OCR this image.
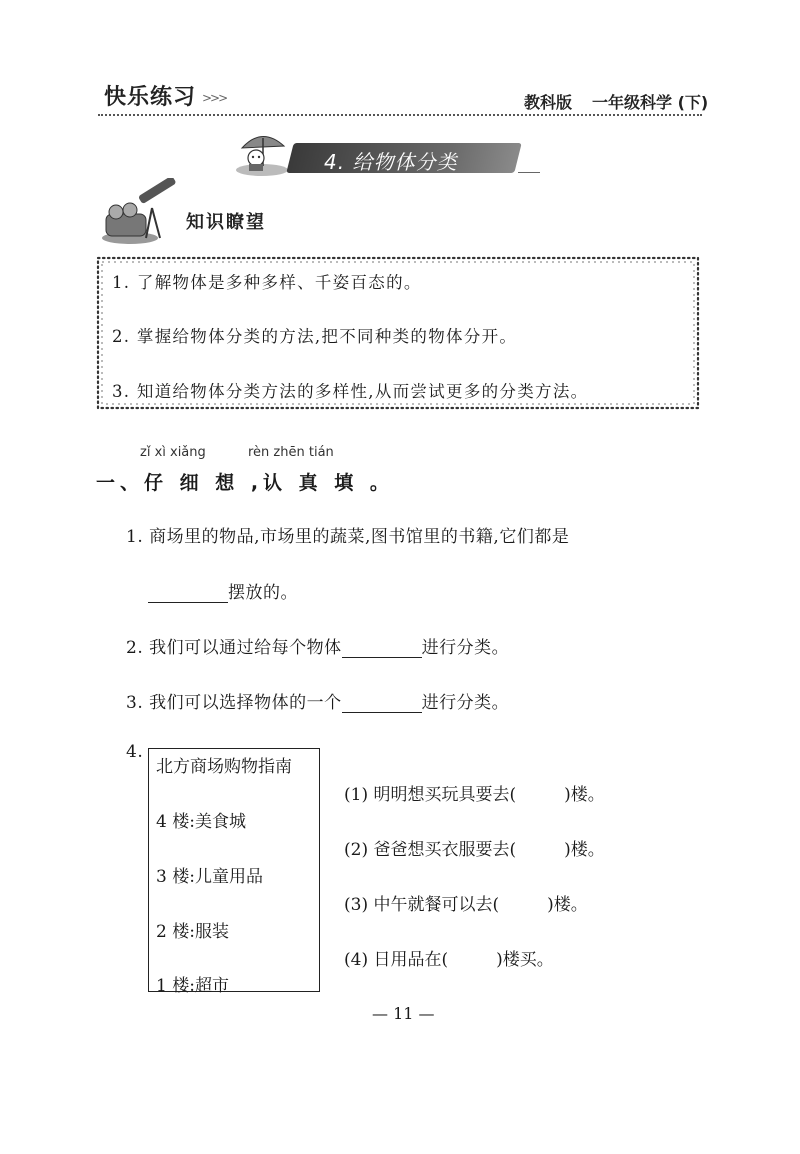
快乐练习 >>>	教科版 一年级科学 (下)
4. 给物体分类
知识瞭望
1. 了解物体是多种多样、千姿百态的。
2. 掌握给物体分类的方法,把不同种类的物体分开。
3. 知道给物体分类方法的多样性,从而尝试更多的分类方法。
zǐ xì xiǎng	rèn zhēn tián
一、仔 细 想 ,认 真 填 。
1. 商场里的物品,市场里的蔬菜,图书馆里的书籍,它们都是
摆放的。
2. 我们可以通过给每个物体	进行分类。
3. 我们可以选择物体的一个	进行分类。
4.
北方商场购物指南
4 楼:美食城
3 楼:儿童用品
2 楼:服装
1 楼:超市
(1) 明明想买玩具要去(	)楼。
(2) 爸爸想买衣服要去(	)楼。
(3) 中午就餐可以去(	)楼。
(4) 日用品在(	)楼买。
— 11 —
